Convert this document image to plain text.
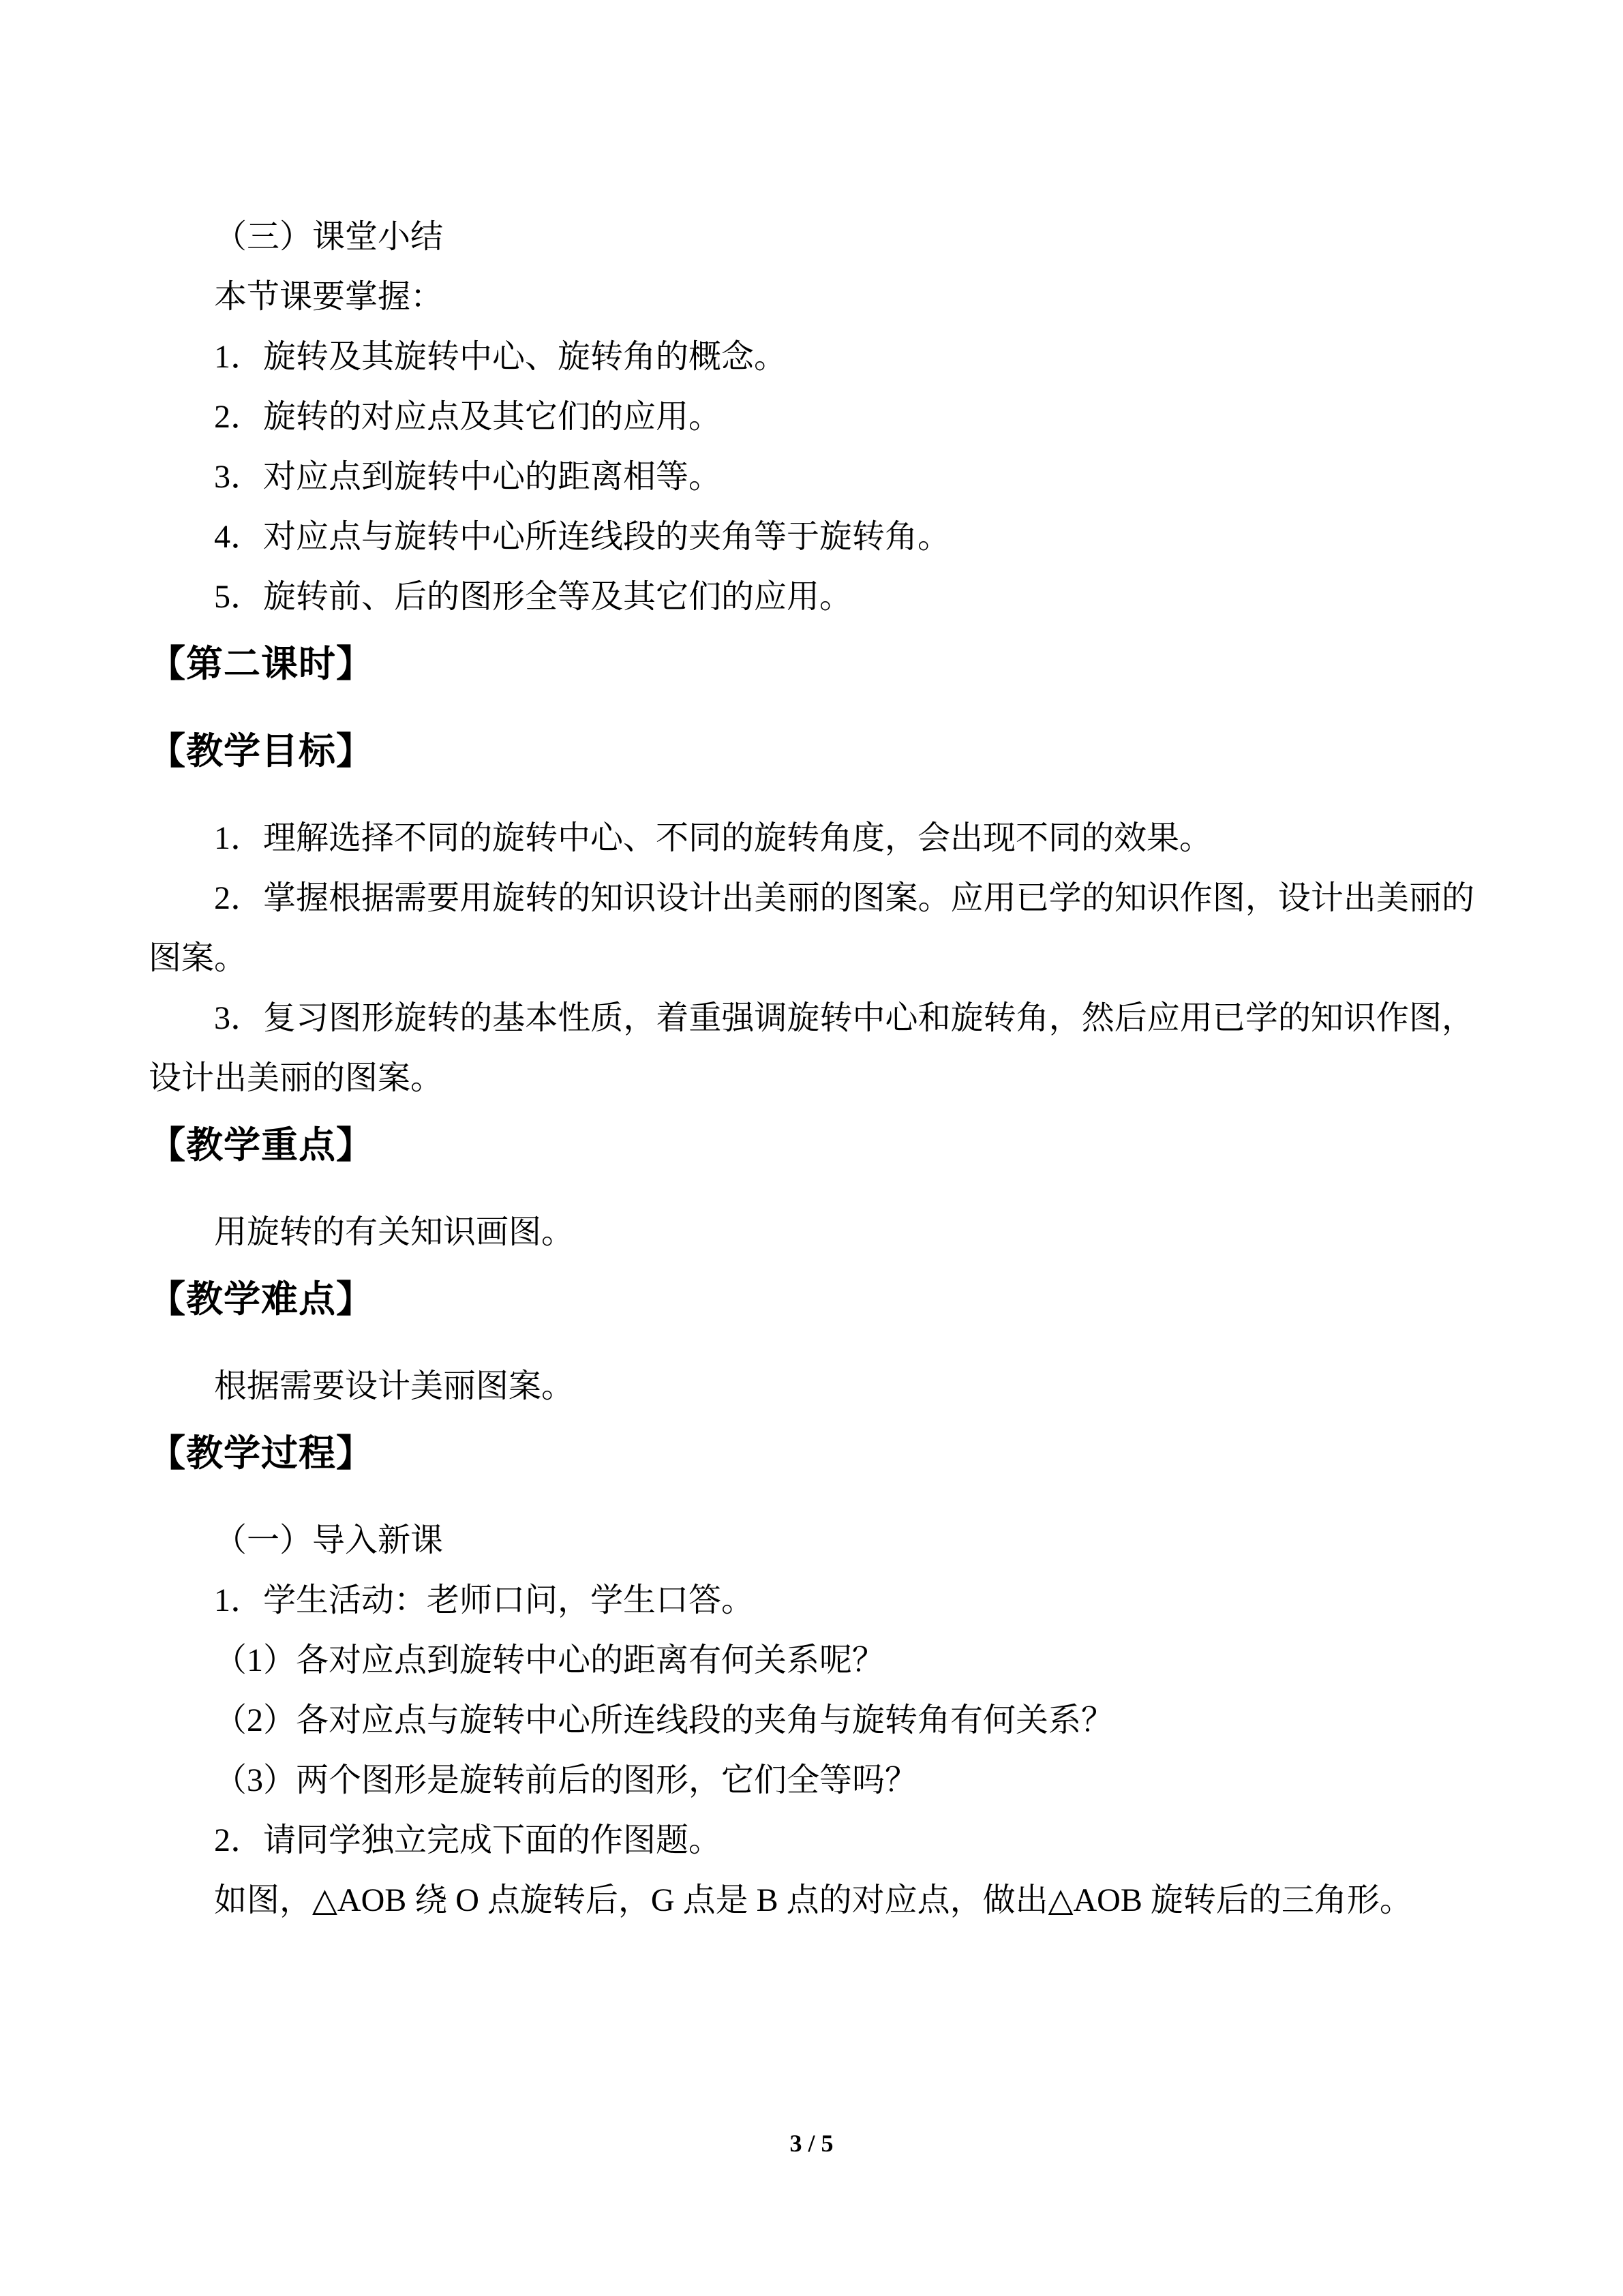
（三）课堂小结
本节课要掌握：
1．旋转及其旋转中心、旋转角的概念。
2．旋转的对应点及其它们的应用。
3．对应点到旋转中心的距离相等。
4．对应点与旋转中心所连线段的夹角等于旋转角。
5．旋转前、后的图形全等及其它们的应用。
【第二课时】
【教学目标】
1．理解选择不同的旋转中心、不同的旋转角度，会出现不同的效果。
2．掌握根据需要用旋转的知识设计出美丽的图案。应用已学的知识作图，设计出美丽的
图案。
3．复习图形旋转的基本性质，着重强调旋转中心和旋转角，然后应用已学的知识作图，
设计出美丽的图案。
【教学重点】
用旋转的有关知识画图。
【教学难点】
根据需要设计美丽图案。
【教学过程】
（一）导入新课
1．学生活动：老师口问，学生口答。
（1）各对应点到旋转中心的距离有何关系呢？
（2）各对应点与旋转中心所连线段的夹角与旋转角有何关系？
（3）两个图形是旋转前后的图形，它们全等吗？
2．请同学独立完成下面的作图题。
如图，△AOB 绕 O 点旋转后，G 点是 B 点的对应点，做出△AOB 旋转后的三角形。
3 / 5
